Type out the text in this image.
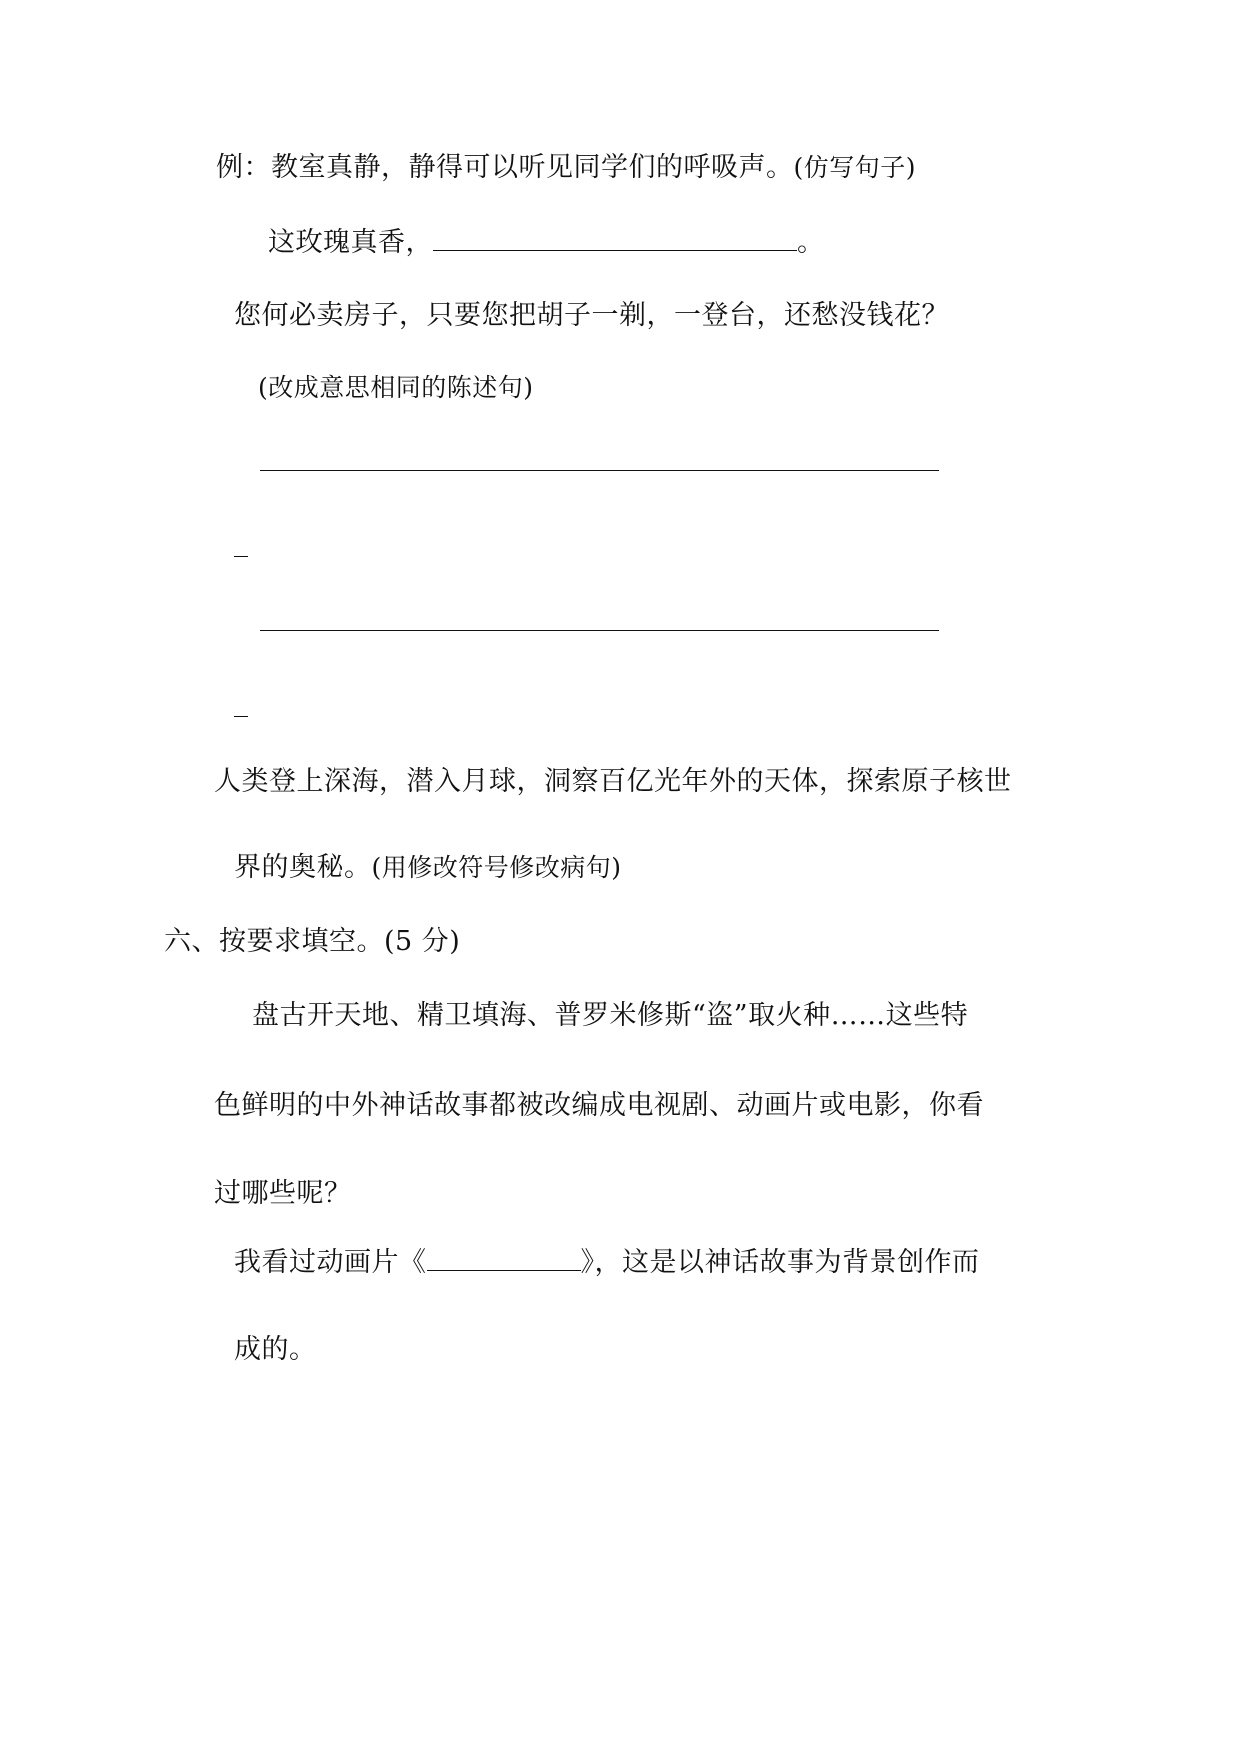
例：教室真静，静得可以听见同学们的呼吸声。(仿写句子)
这玫瑰真香，	。
您何必卖房子，只要您把胡子一剃，一登台，还愁没钱花？
(改成意思相同的陈述句)
人类登上深海，潜入月球，洞察百亿光年外的天体，探索原子核世
界的奥秘。(用修改符号修改病句)
六、按要求填空。(5 分)
盘古开天地、精卫填海、普罗米修斯“盗”取火种……这些特
色鲜明的中外神话故事都被改编成电视剧、动画片或电影，你看
过哪些呢？
我看过动画片《	》，这是以神话故事为背景创作而
成的。
